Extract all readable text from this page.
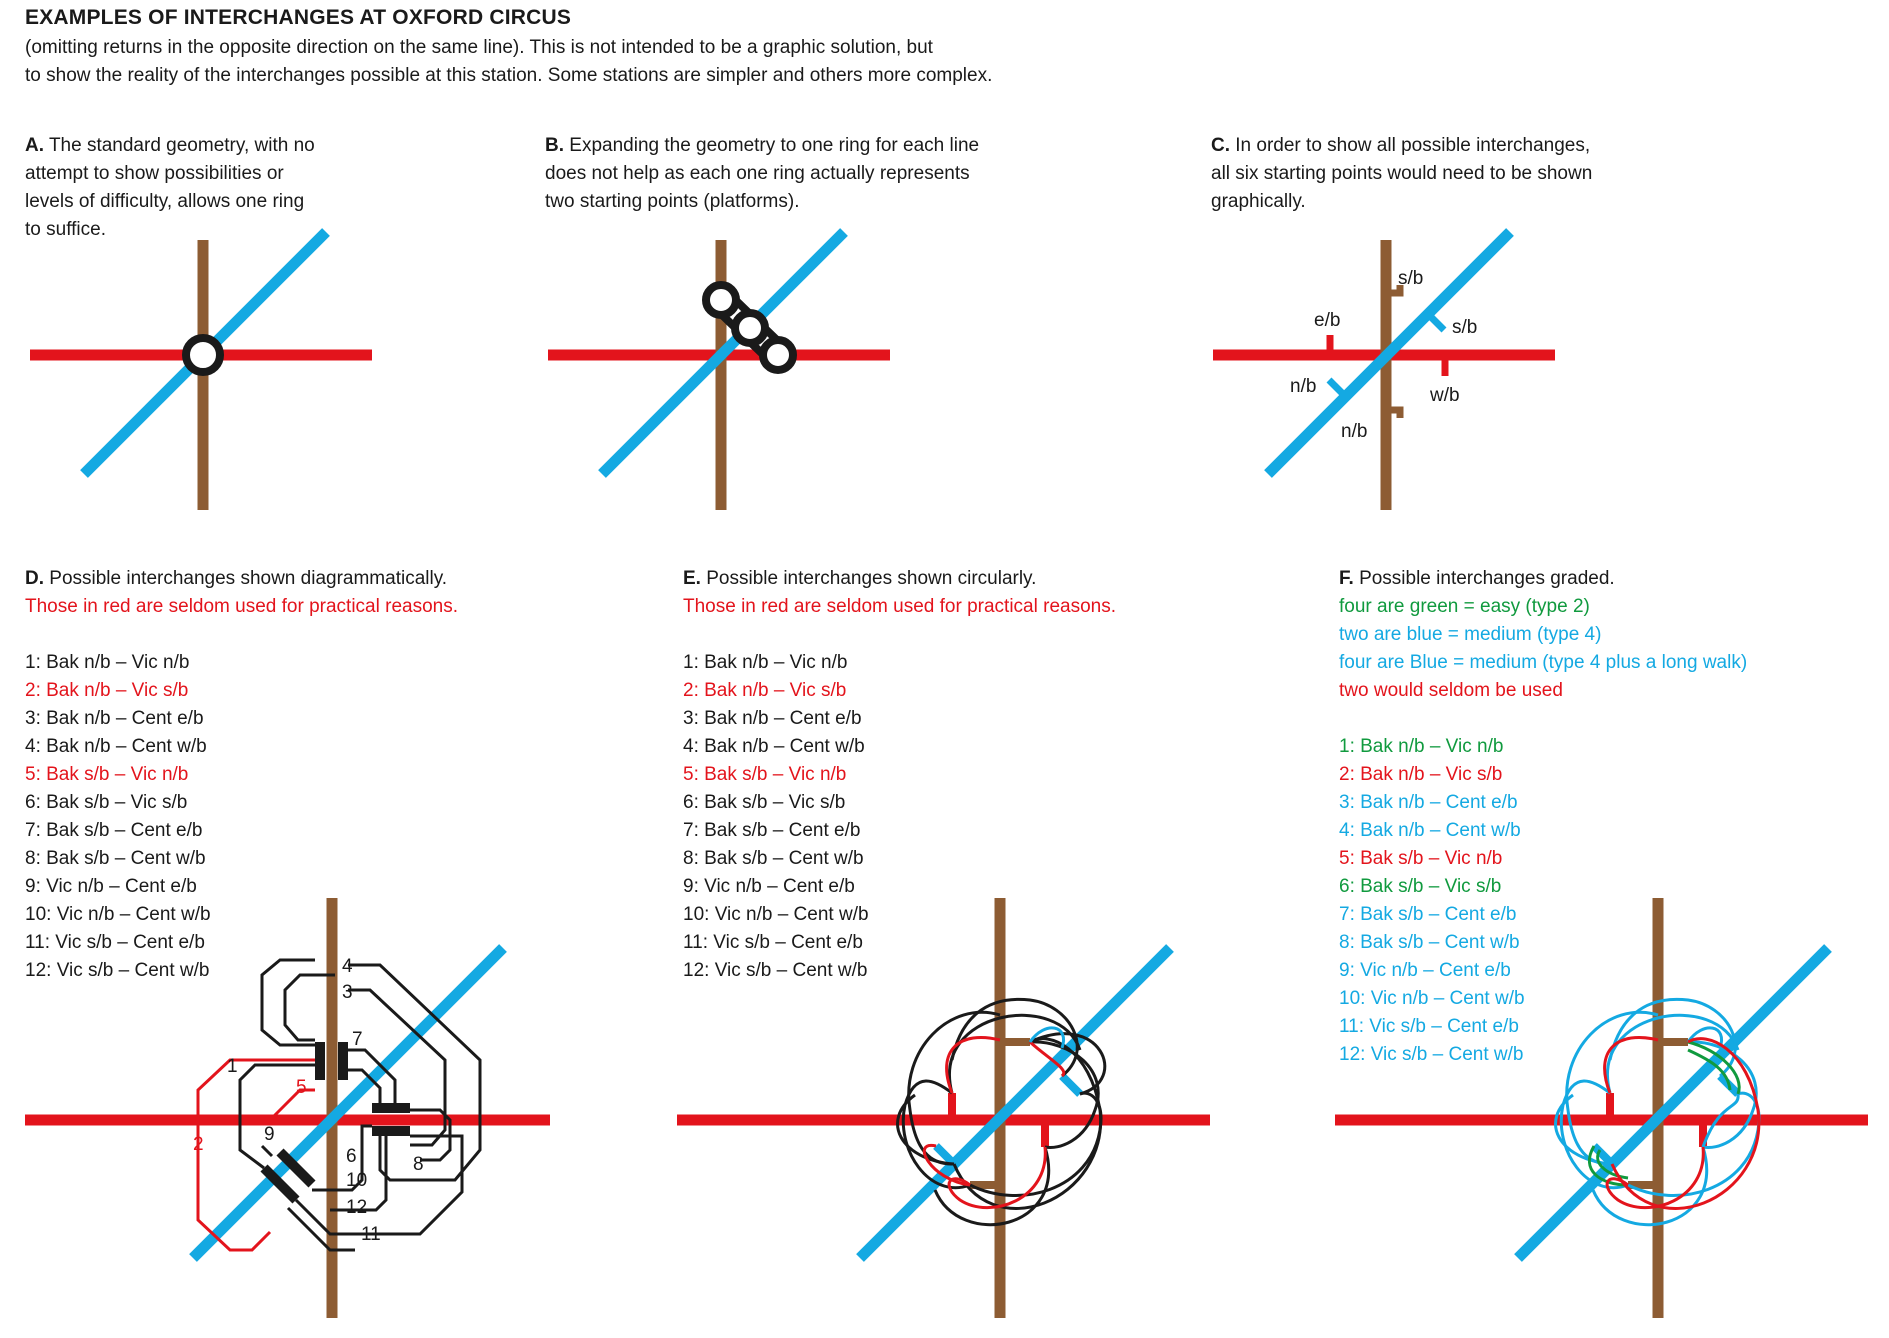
EXAMPLES OF INTERCHANGES AT OXFORD CIRCUS

(omitting returns in the opposite direction on the same line). This is not intended to be a graphic solution, but

to show the reality of the interchanges possible at this station. Some stations are simpler and others more complex.

A. The standard geometry, with no

attempt to show possibilities or

levels of difficulty, allows one ring

to suffice.

B. Expanding the geometry to one ring for each line

does not help as each one ring actually represents

two starting points (platforms).

C. In order to show all possible interchanges,

all six starting points would need to be shown

graphically.

D. Possible interchanges shown diagrammatically.

Those in red are seldom used for practical reasons.

1: Bak n/b – Vic n/b
2: Bak n/b – Vic s/b
3: Bak n/b – Cent e/b
4: Bak n/b – Cent w/b
5: Bak s/b – Vic n/b
6: Bak s/b – Vic s/b
7: Bak s/b – Cent e/b
8: Bak s/b – Cent w/b
9: Vic n/b – Cent e/b
10: Vic n/b – Cent w/b
11: Vic s/b – Cent e/b
12: Vic s/b – Cent w/b

E. Possible interchanges shown circularly.

Those in red are seldom used for practical reasons.

1: Bak n/b – Vic n/b
2: Bak n/b – Vic s/b
3: Bak n/b – Cent e/b
4: Bak n/b – Cent w/b
5: Bak s/b – Vic n/b
6: Bak s/b – Vic s/b
7: Bak s/b – Cent e/b
8: Bak s/b – Cent w/b
9: Vic n/b – Cent e/b
10: Vic n/b – Cent w/b
11: Vic s/b – Cent e/b
12: Vic s/b – Cent w/b

F. Possible interchanges graded.

four are green = easy (type 2)

two are blue = medium (type 4)

four are Blue = medium (type 4 plus a long walk)

two would seldom be used

1: Bak n/b – Vic n/b
2: Bak n/b – Vic s/b
3: Bak n/b – Cent e/b
4: Bak n/b – Cent w/b
5: Bak s/b – Vic n/b
6: Bak s/b – Vic s/b
7: Bak s/b – Cent e/b
8: Bak s/b – Cent w/b
9: Vic n/b – Cent e/b
10: Vic n/b – Cent w/b
11: Vic s/b – Cent e/b
12: Vic s/b – Cent w/b
s/b
e/b	s/b
n/b	w/b
n/b
4
3
7
1
5
2	9
6	8
10
12
11
